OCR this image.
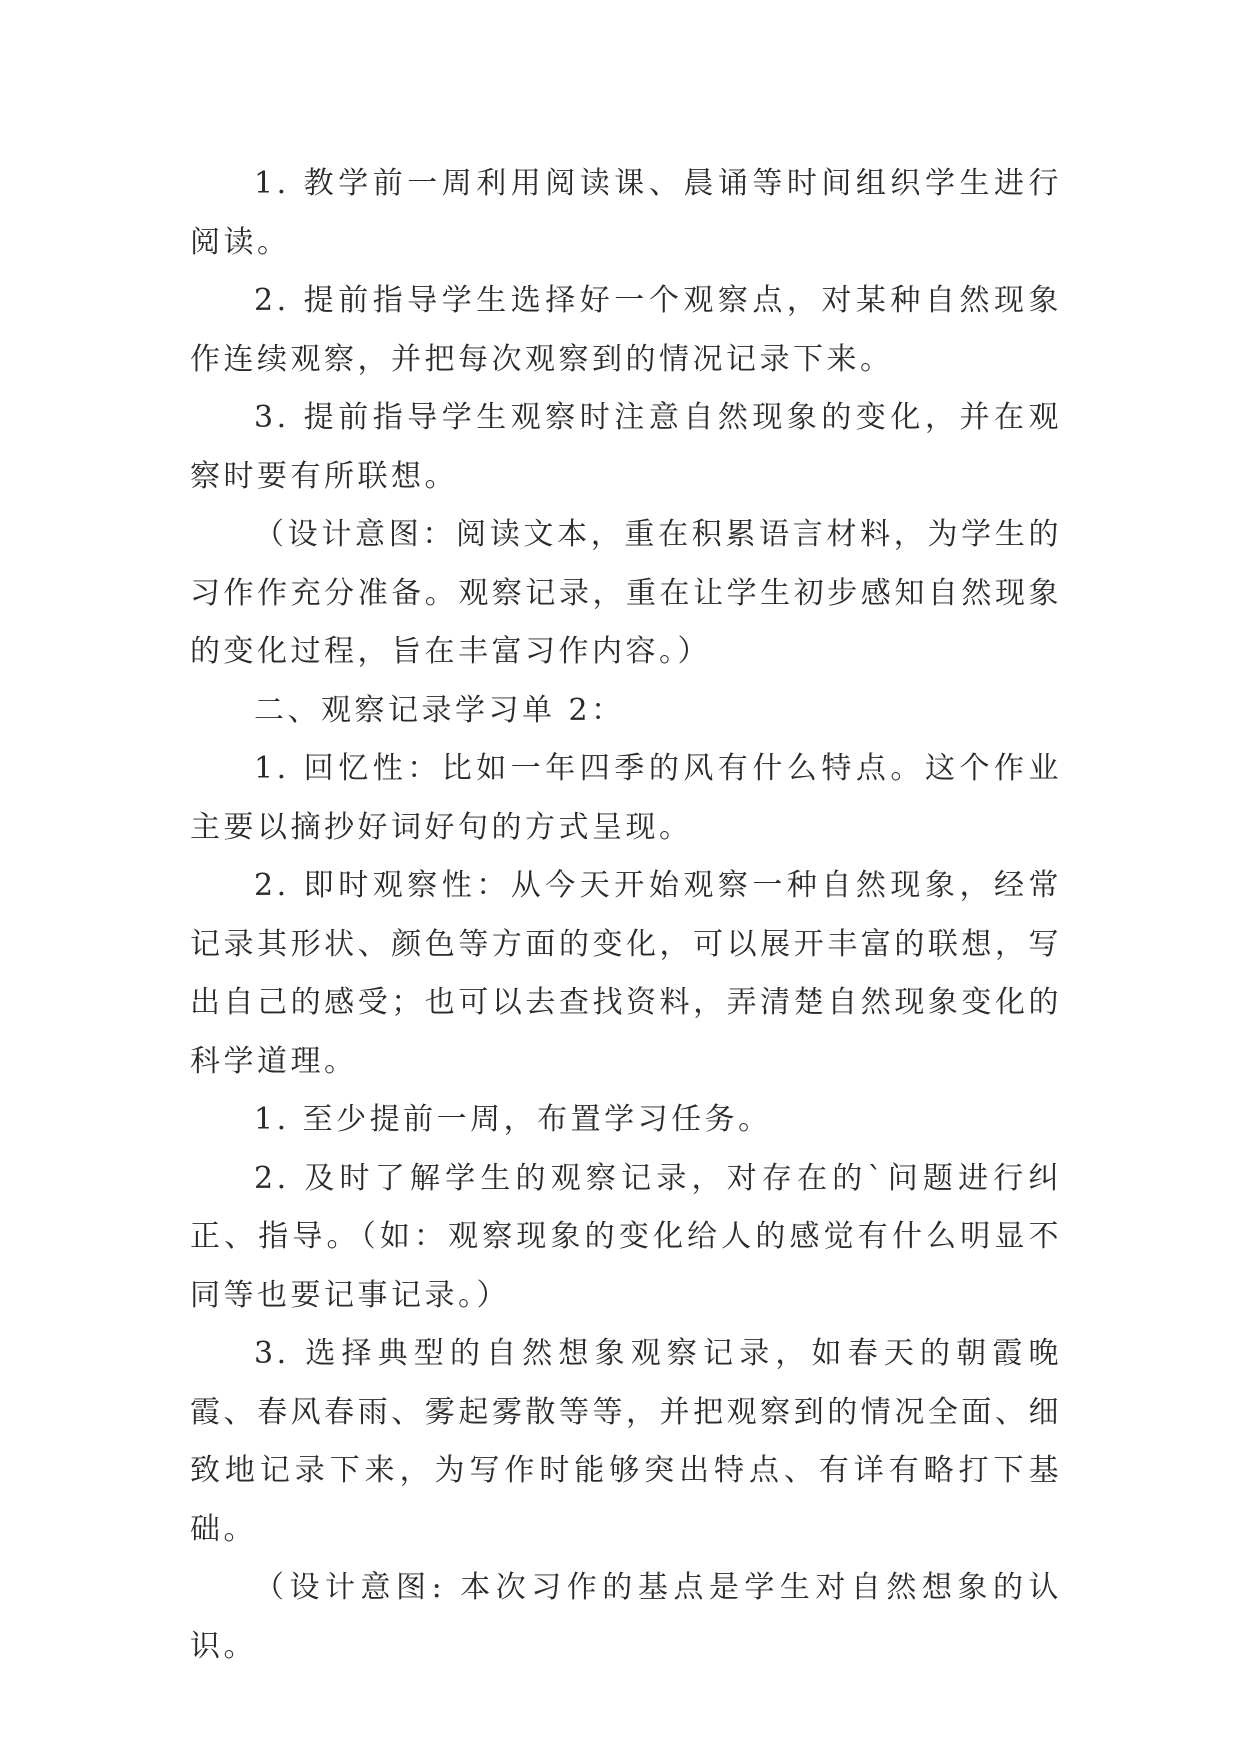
1. 教学前一周利用阅读课、晨诵等时间组织学生进行阅读。

2. 提前指导学生选择好一个观察点，对某种自然现象作连续观察，并把每次观察到的情况记录下来。

3. 提前指导学生观察时注意自然现象的变化，并在观察时要有所联想。

（设计意图：阅读文本，重在积累语言材料，为学生的习作作充分准备。观察记录，重在让学生初步感知自然现象的变化过程，旨在丰富习作内容。）

二、观察记录学习单 2：

1. 回忆性：比如一年四季的风有什么特点。这个作业主要以摘抄好词好句的方式呈现。

2. 即时观察性：从今天开始观察一种自然现象，经常记录其形状、颜色等方面的变化，可以展开丰富的联想，写出自己的感受；也可以去查找资料，弄清楚自然现象变化的科学道理。

1. 至少提前一周，布置学习任务。

2. 及时了解学生的观察记录，对存在的`问题进行纠正、指导。（如：观察现象的变化给人的感觉有什么明显不同等也要记事记录。）

3. 选择典型的自然想象观察记录，如春天的朝霞晚霞、春风春雨、雾起雾散等等，并把观察到的情况全面、细致地记录下来，为写作时能够突出特点、有详有略打下基础。

（设计意图: 本次习作的基点是学生对自然想象的认识。
